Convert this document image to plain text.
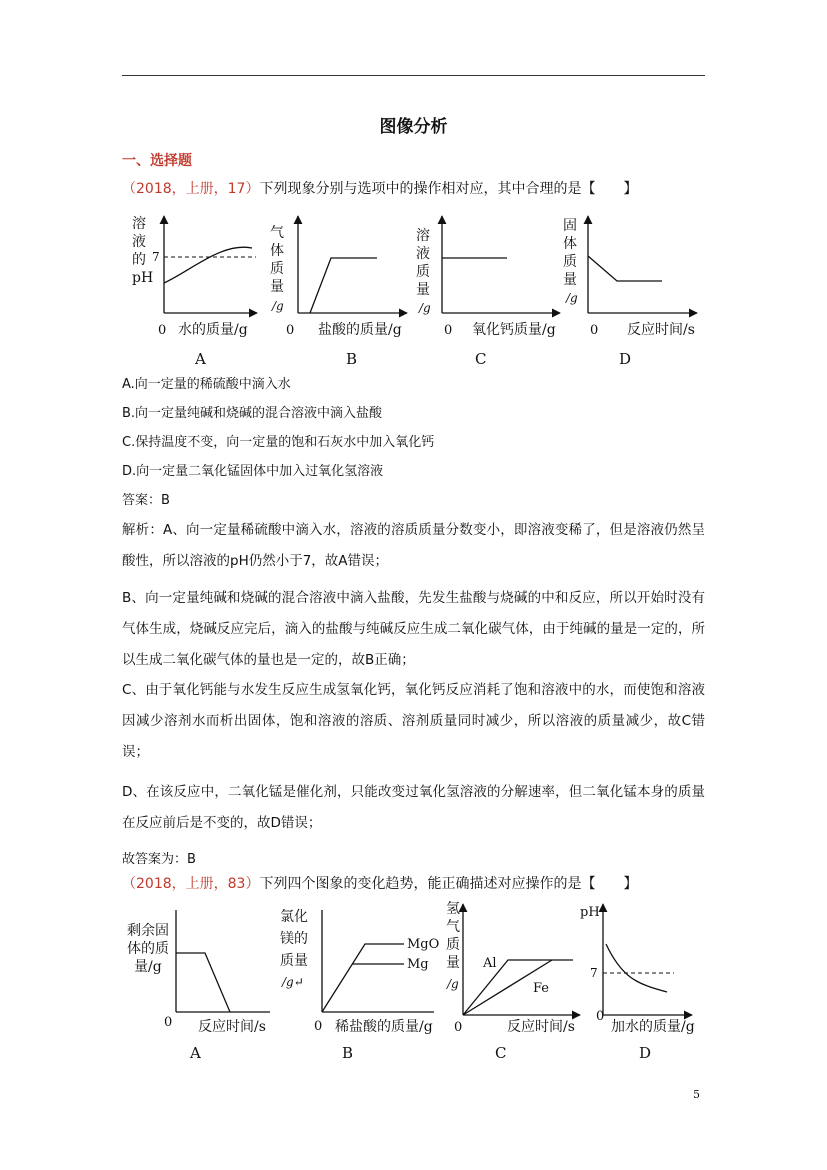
图像分析
一、选择题
（2018，上册，17）下列现象分别与选项中的操作相对应，其中合理的是【　　】
溶
液
的
pH
7
0 水的质量/g
A
气
体
质
量
/g
0 盐酸的质量/g
B
溶
液
质
量
/g
0 氧化钙质量/g
C
固
体
质
量
/g
0 反应时间/s
D
A.向一定量的稀硫酸中滴入水
B.向一定量纯碱和烧碱的混合溶液中滴入盐酸
C.保持温度不变，向一定量的饱和石灰水中加入氧化钙
D.向一定量二氧化锰固体中加入过氧化氢溶液
答案：B
解析：A、向一定量稀硫酸中滴入水，溶液的溶质质量分数变小，即溶液变稀了，但是溶液仍然呈酸性，所以溶液的pH仍然小于7，故A错误；
B、向一定量纯碱和烧碱的混合溶液中滴入盐酸，先发生盐酸与烧碱的中和反应，所以开始时没有气体生成，烧碱反应完后，滴入的盐酸与纯碱反应生成二氧化碳气体，由于纯碱的量是一定的，所以生成二氧化碳气体的量也是一定的，故B正确；
C、由于氧化钙能与水发生反应生成氢氧化钙，氧化钙反应消耗了饱和溶液中的水，而使饱和溶液因减少溶剂水而析出固体，饱和溶液的溶质、溶剂质量同时减少，所以溶液的质量减少，故C错误；
D、在该反应中，二氧化锰是催化剂，只能改变过氧化氢溶液的分解速率，但二氧化锰本身的质量在反应前后是不变的，故D错误；
故答案为：B
（2018，上册，83）下列四个图象的变化趋势，能正确描述对应操作的是【　　】
剩余固
体的质
量/g
0 反应时间/s
A
氯化
镁的
质量
/g↵
MgO
Mg
0 稀盐酸的质量/g
B
氢
气
质
量
/g
Al
Fe
0	反应时间/s
C
pH
7
0
加水的质量/g
D
5
